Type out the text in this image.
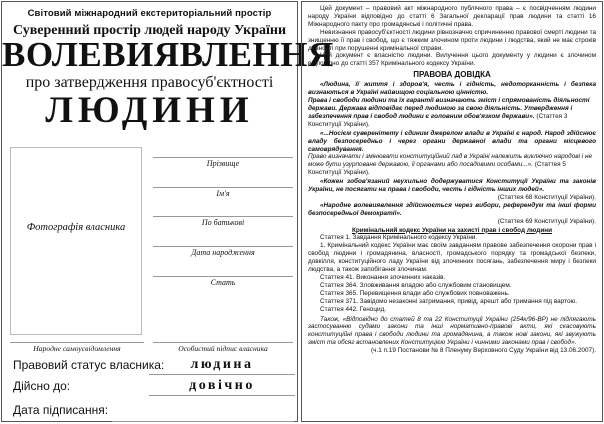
Світовий міжнародний екстериторіальний простір
Суверенний простір людей народу України
ВОЛЕВИЯВЛЕННЯ
про затвердження правосуб'єктності
ЛЮДИНИ
Фотографія власника
Прізвище
Ім'я
По батькові
Дата народження
Стать
Народне самоусвідомлення	Особистий підпис власника
Правовий статус власника:	людина
Дійсно до:	довічно
Дата підписання:

Цей документ – правовий акт міжнародного публічного права – є посвідченням людини народу України відповідно до статті 6 Загальної декларації прав людини та статті 16 Міжнародного пакту про громадянські і політичні права.

Невизнання правосуб'єктності людини рівнозначно спричиненню правової смерті людини та знищенню її прав і свобод, що є тяжким злочином проти людини і людства, який не має строків давності при порушенні кримінальної справи.

Цей документ є власністю людини. Вилучення цього документу у людини є злочином відповідно до статті 357 Кримінального кодексу України.

ПРАВОВА ДОВІДКА

«Людина, її життя і здоров'я, честь і гідність, недоторканність і безпека визнаються в Україні найвищою соціальною цінністю.

Права і свободи людини та їх гарантії визначають зміст і спрямованість діяльності держави. Держава відповідає перед людиною за свою діяльність. Утвердження і забезпечення прав і свобод людини є головним обов'язком держави». (Статтея 3 Конституції України).

«...Носієм суверенітету і єдиним джерелом влади в Україні є народ. Народ здійснює владу безпосередньо і через органи державної влади та органи місцевого самоврядування.

Право визначати і змінювати конституційний лад в Україні належить виключно народові і не може бути узурповане державою, її органами або посадовими особами...». (Статтея 5 Конституції України).

«Кожен зобов'язаний неухильно додержуватися Конституції України та законів України, не посягати на права і свободи, честь і гідність інших людей».

(Статтея 68 Конституції України).

«Народне волевиявлення здійснюється через вибори, референдум та інші форми безпосередньої демократії».

(Статтея 69 Конституції України).

Кримінальний кодекс України на захисті прав і свобод людини

Статтея 1. Завдання Кримінального кодексу України.

1. Кримінальний кодекс України має своїм завданням правове забезпечення охорони прав і свобод людини і громадянина, власності, громадського порядку та громадської безпеки, довкілля, конституційного ладу України від злочинних посягань, забезпечення миру і безпеки людства, а також запобігання злочинам.

Статтея 41. Виконання злочинних наказів.

Статтея 364. Зловживання владою або службовим становищем.

Статтея 365. Перевищення влади або службових повноважень.

Статтея 371. Завідомо незаконні затримання, привід, арешт або тримання під вартою.

Статтея 442. Геноцид.

Також, «Відповідно до статей 8 та 22 Конституції України (254к/96-ВР) не підлягають застосуванню судами закони та інші нормативно-правові акти, які скасовують конституційні права і свободи людини та громадянина, а також нові закони, які звужують зміст та обсяг встановлених Конституцією України і чинними законами прав і свобод».

(ч.1 п.19 Постанови № 8 Пленуму Верховного Суду України від 13.06.2007).
